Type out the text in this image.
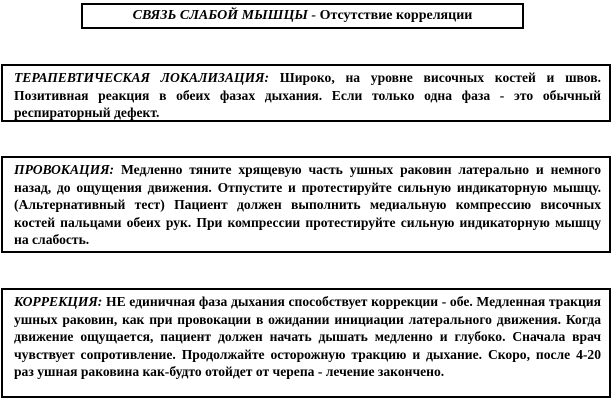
СВЯЗЬ СЛАБОЙ МЫШЦЫ - Отсутствие корреляции
ТЕРАПЕВТИЧЕСКАЯ ЛОКАЛИЗАЦИЯ: Широко, на уровне височных костей и швов. Позитивная реакция в обеих фазах дыхания. Если только одна фаза - это обычный респираторный дефект.
ПРОВОКАЦИЯ: Медленно тяните хрящевую часть ушных раковин латерально и немного назад, до ощущения движения. Отпустите и протестируйте сильную индикаторную мышцу. (Альтернативный тест) Пациент должен выполнить медиальную компрессию височных костей пальцами обеих рук. При компрессии протестируйте сильную индикаторную мышцу на слабость.
КОРРЕКЦИЯ: НЕ единичная фаза дыхания способствует коррекции - обе. Медленная тракция ушных раковин, как при провокации в ожидании инициации латерального движения. Когда движение ощущается, пациент должен начать дышать медленно и глубоко. Сначала врач чувствует сопротивление. Продолжайте осторожную тракцию и дыхание. Скоро, после 4-20 раз ушная раковина как-будто отойдет от черепа - лечение закончено.
